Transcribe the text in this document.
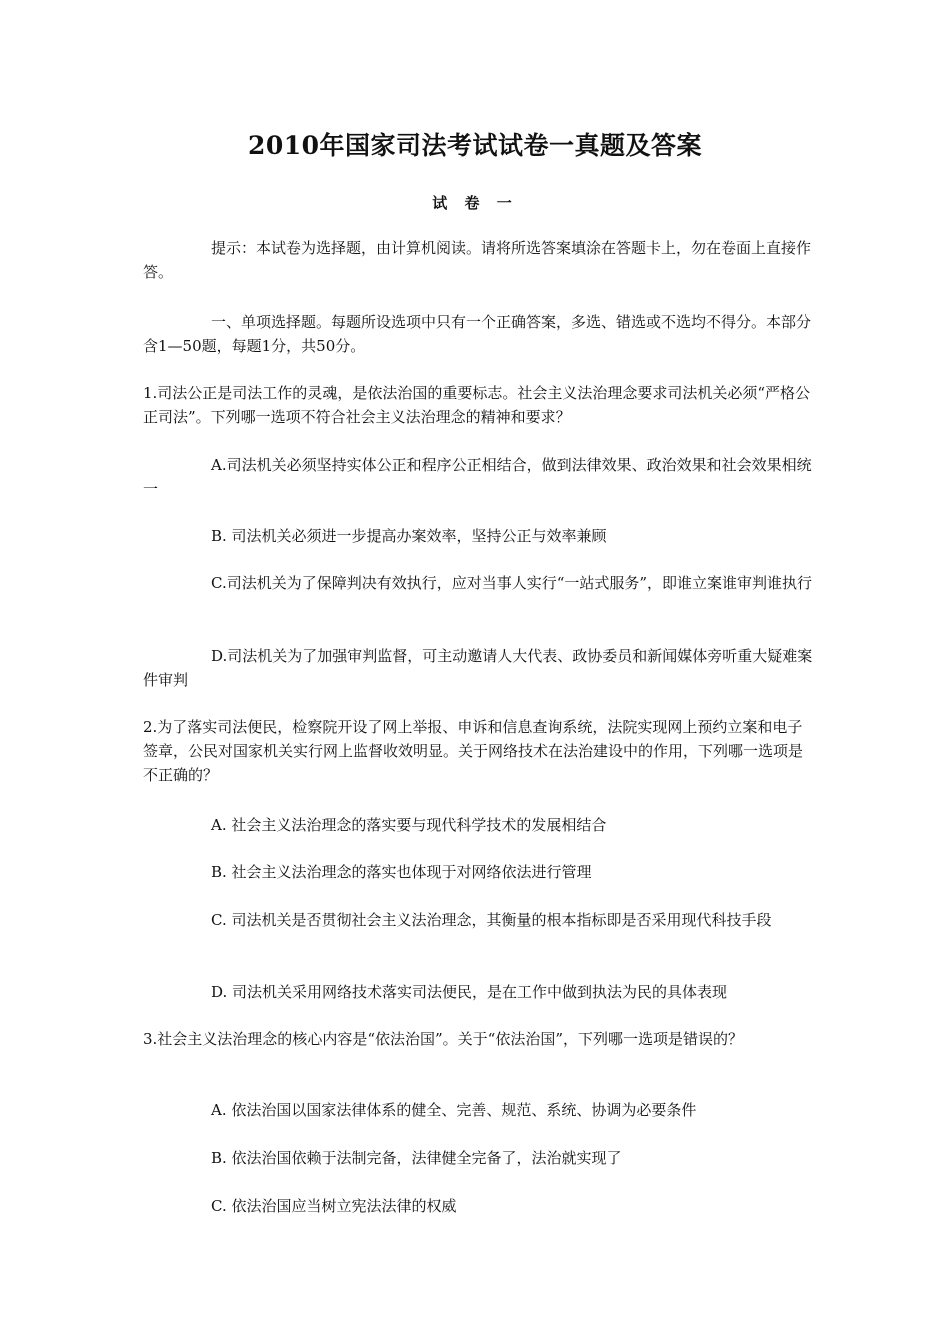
2010年国家司法考试试卷一真题及答案
试 卷 一

提示：本试卷为选择题，由计算机阅读。请将所选答案填涂在答题卡上，勿在卷面上直接作答。

一、单项选择题。每题所设选项中只有一个正确答案，多选、错选或不选均不得分。本部分含1—50题，每题1分，共50分。

1.司法公正是司法工作的灵魂，是依法治国的重要标志。社会主义法治理念要求司法机关必须“严格公正司法”。下列哪一选项不符合社会主义法治理念的精神和要求？

A.司法机关必须坚持实体公正和程序公正相结合，做到法律效果、政治效果和社会效果相统一

B. 司法机关必须进一步提高办案效率，坚持公正与效率兼顾

C.司法机关为了保障判决有效执行，应对当事人实行“一站式服务”，即谁立案谁审判谁执行

D.司法机关为了加强审判监督，可主动邀请人大代表、政协委员和新闻媒体旁听重大疑难案件审判

2.为了落实司法便民，检察院开设了网上举报、申诉和信息查询系统，法院实现网上预约立案和电子签章，公民对国家机关实行网上监督收效明显。关于网络技术在法治建设中的作用，下列哪一选项是不正确的？

A. 社会主义法治理念的落实要与现代科学技术的发展相结合

B. 社会主义法治理念的落实也体现于对网络依法进行管理

C. 司法机关是否贯彻社会主义法治理念，其衡量的根本指标即是否采用现代科技手段

D. 司法机关采用网络技术落实司法便民，是在工作中做到执法为民的具体表现

3.社会主义法治理念的核心内容是“依法治国”。关于“依法治国”，下列哪一选项是错误的？

A. 依法治国以国家法律体系的健全、完善、规范、系统、协调为必要条件

B. 依法治国依赖于法制完备，法律健全完备了，法治就实现了

C. 依法治国应当树立宪法法律的权威
